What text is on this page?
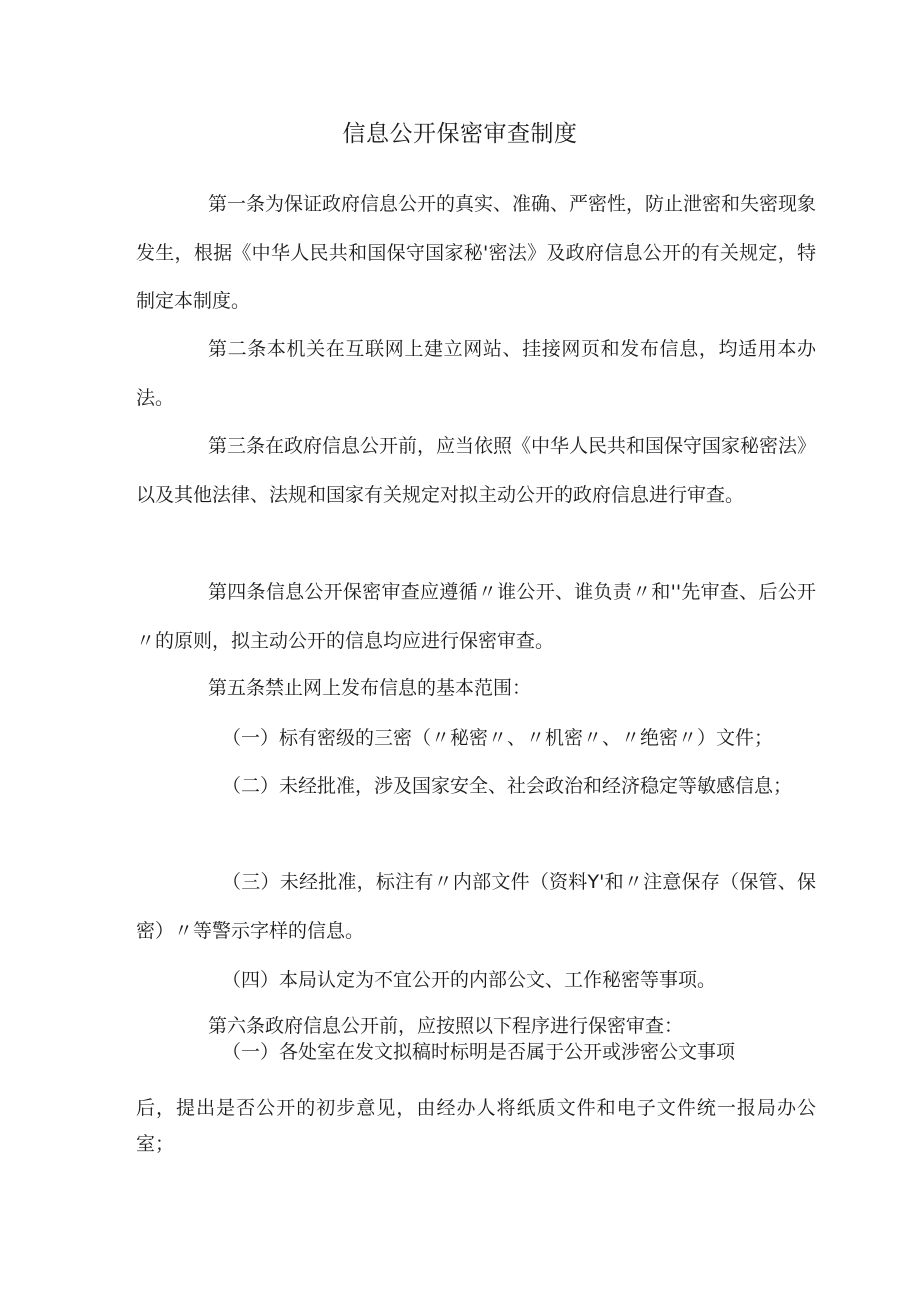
信息公开保密审查制度

第一条为保证政府信息公开的真实、准确、严密性，防止泄密和失密现象发生，根据《中华人民共和国保守国家秘'密法》及政府信息公开的有关规定，特制定本制度。

第二条本机关在互联网上建立网站、挂接网页和发布信息，均适用本办法。

第三条在政府信息公开前，应当依照《中华人民共和国保守国家秘密法》以及其他法律、法规和国家有关规定对拟主动公开的政府信息进行审查。

第四条信息公开保密审查应遵循〃谁公开、谁负责〃和''先审查、后公开〃的原则，拟主动公开的信息均应进行保密审查。

第五条禁止网上发布信息的基本范围：

（一）标有密级的三密（〃秘密〃、〃机密〃、〃绝密〃）文件；

（二）未经批准，涉及国家安全、社会政治和经济稳定等敏感信息；

（三）未经批准，标注有〃内部文件（资料Y'和〃注意保存（保管、保密）〃等警示字样的信息。

（四）本局认定为不宜公开的内部公文、工作秘密等事项。

第六条政府信息公开前，应按照以下程序进行保密审查：

（一）各处室在发文拟稿时标明是否属于公开或涉密公文事项

后，提出是否公开的初步意见，由经办人将纸质文件和电子文件统一报局办公室；
